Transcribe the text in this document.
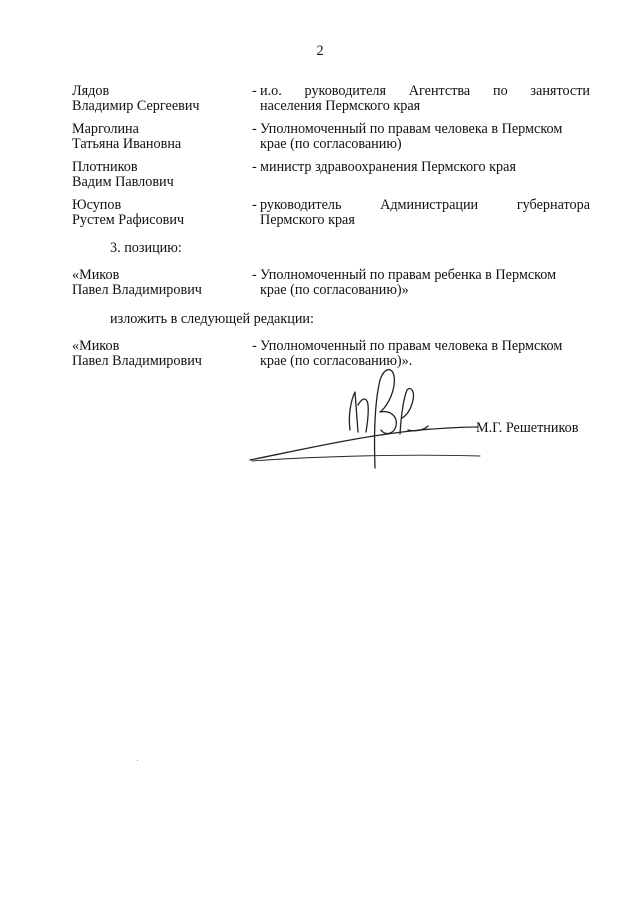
2
Лядов
Владимир Сергеевич
- и.о. руководителя Агентства по занятости
населения Пермского края
Марголина
Татьяна Ивановна
- Уполномоченный по правам человека в Пермском
крае (по согласованию)
Плотников
Вадим Павлович
- министр здравоохранения Пермского края
Юсупов
Рустем Рафисович
- руководитель Администрации губернатора
Пермского края
3. позицию:
«Миков
Павел Владимирович
- Уполномоченный по правам ребенка в Пермском
крае (по согласованию)»
изложить в следующей редакции:
«Миков
Павел Владимирович
- Уполномоченный по правам человека в Пермском
крае (по согласованию)».
М.Г. Решетников
